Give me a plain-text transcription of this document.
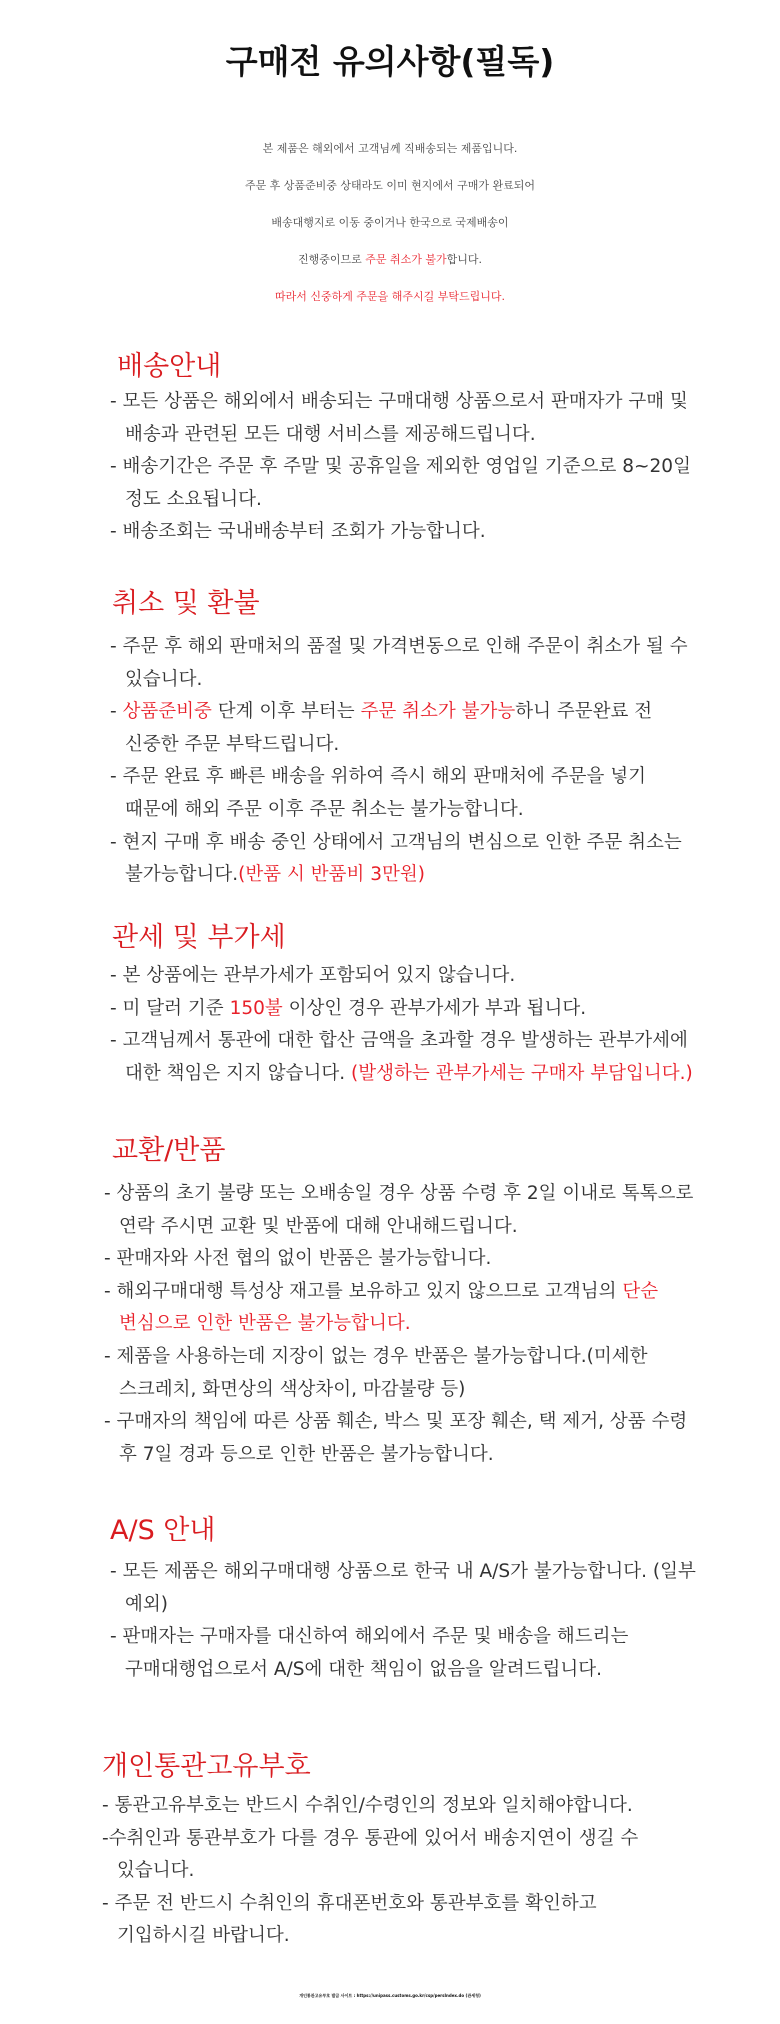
구매전 유의사항(필독)

본 제품은 해외에서 고객님께 직배송되는 제품입니다.

주문 후 상품준비중 상태라도 이미 현지에서 구매가 완료되어

배송대행지로 이동 중이거나 한국으로 국제배송이

진행중이므로 주문 취소가 불가합니다.

따라서 신중하게 주문을 해주시길 부탁드립니다.

배송안내
- 모든 상품은 해외에서 배송되는 구매대행 상품으로서 판매자가 구매 및
배송과 관련된 모든 대행 서비스를 제공해드립니다.
- 배송기간은 주문 후 주말 및 공휴일을 제외한 영업일 기준으로 8~20일
정도 소요됩니다.
- 배송조회는 국내배송부터 조회가 가능합니다.
취소 및 환불
- 주문 후 해외 판매처의 품절 및 가격변동으로 인해 주문이 취소가 될 수
있습니다.
- 상품준비중 단계 이후 부터는 주문 취소가 불가능하니 주문완료 전
신중한 주문 부탁드립니다.
- 주문 완료 후 빠른 배송을 위하여 즉시 해외 판매처에 주문을 넣기
때문에 해외 주문 이후 주문 취소는 불가능합니다.
- 현지 구매 후 배송 중인 상태에서 고객님의 변심으로 인한 주문 취소는
불가능합니다.(반품 시 반품비 3만원)
관세 및 부가세
- 본 상품에는 관부가세가 포함되어 있지 않습니다.
- 미 달러 기준 150불 이상인 경우 관부가세가 부과 됩니다.
- 고객님께서 통관에 대한 합산 금액을 초과할 경우 발생하는 관부가세에
대한 책임은 지지 않습니다. (발생하는 관부가세는 구매자 부담입니다.)
교환/반품
- 상품의 초기 불량 또는 오배송일 경우 상품 수령 후 2일 이내로 톡톡으로
연락 주시면 교환 및 반품에 대해 안내해드립니다.
- 판매자와 사전 협의 없이 반품은 불가능합니다.
- 해외구매대행 특성상 재고를 보유하고 있지 않으므로 고객님의 단순
변심으로 인한 반품은 불가능합니다.
- 제품을 사용하는데 지장이 없는 경우 반품은 불가능합니다.(미세한
스크레치, 화면상의 색상차이, 마감불량 등)
- 구매자의 책임에 따른 상품 훼손, 박스 및 포장 훼손, 택 제거, 상품 수령
후 7일 경과 등으로 인한 반품은 불가능합니다.
A/S 안내
- 모든 제품은 해외구매대행 상품으로 한국 내 A/S가 불가능합니다. (일부
예외)
- 판매자는 구매자를 대신하여 해외에서 주문 및 배송을 해드리는
구매대행업으로서 A/S에 대한 책임이 없음을 알려드립니다.
개인통관고유부호
- 통관고유부호는 반드시 수취인/수령인의 정보와 일치해야합니다.
-수취인과 통관부호가 다를 경우 통관에 있어서 배송지연이 생길 수
있습니다.
- 주문 전 반드시 수취인의 휴대폰번호와 통관부호를 확인하고
기입하시길 바랍니다.
개인통관고유부호 발급 사이트 : https://unipass.customs.go.kr/csp/persIndex.do (관세청)
